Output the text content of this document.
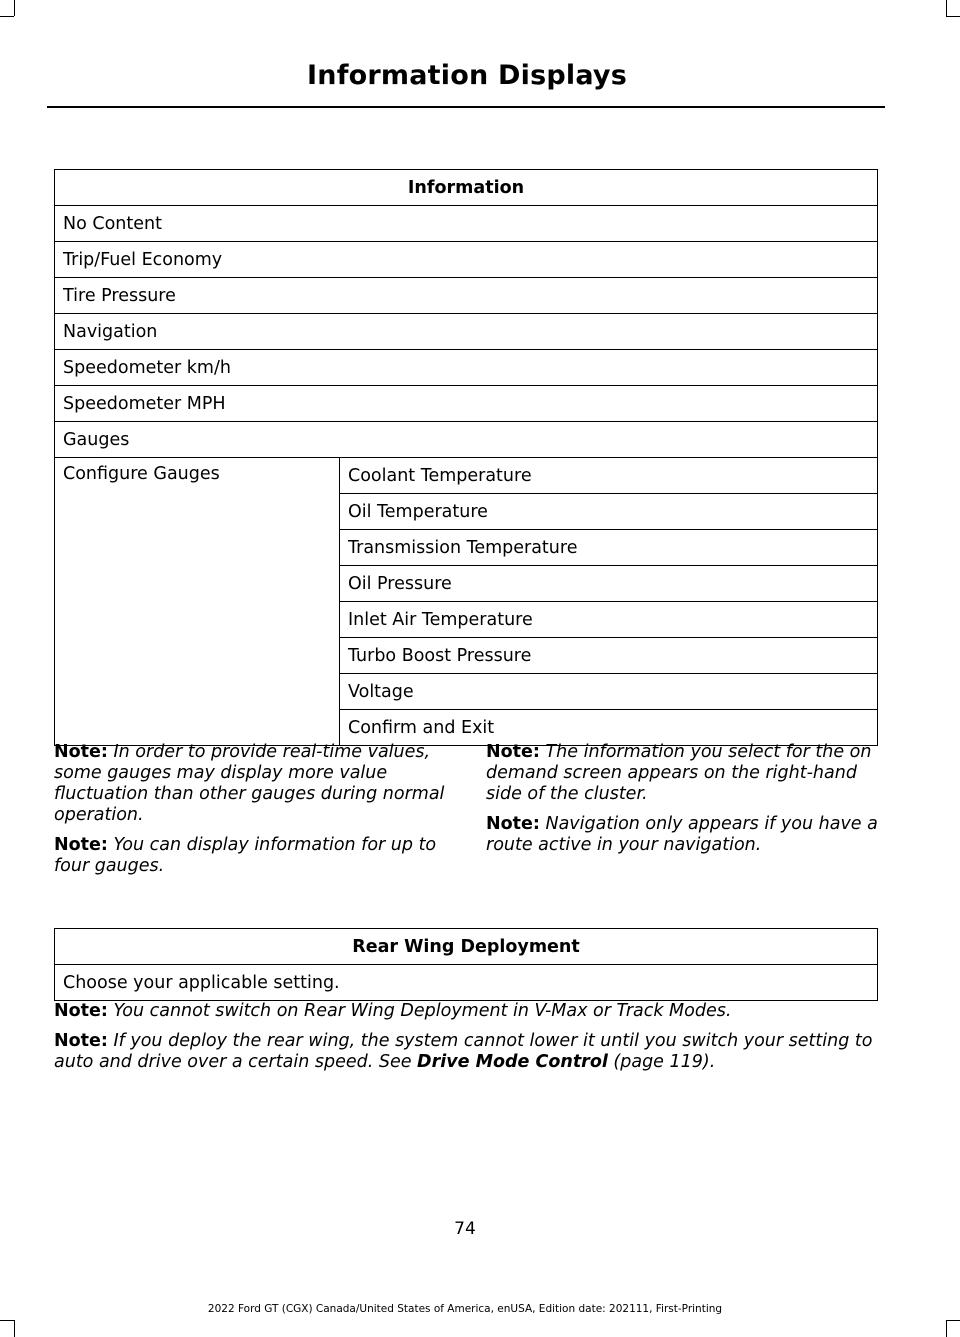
Information Displays
Information
No Content
Trip/Fuel Economy
Tire Pressure
Navigation
Speedometer km/h
Speedometer MPH
Gauges
Configure Gauges	Coolant Temperature
Oil Temperature
Transmission Temperature
Oil Pressure
Inlet Air Temperature
Turbo Boost Pressure
Voltage
Confirm and Exit

Note: In order to provide real-time values, some gauges may display more value fluctuation than other gauges during normal operation.

Note: You can display information for up to four gauges.

Note: The information you select for the on demand screen appears on the right-hand side of the cluster.

Note: Navigation only appears if you have a route active in your navigation.

Rear Wing Deployment
Choose your applicable setting.

Note: You cannot switch on Rear Wing Deployment in V-Max or Track Modes.

Note: If you deploy the rear wing, the system cannot lower it until you switch your setting to auto and drive over a certain speed. See Drive Mode Control (page 119).

74
2022 Ford GT (CGX) Canada/United States of America, enUSA, Edition date: 202111, First-Printing
